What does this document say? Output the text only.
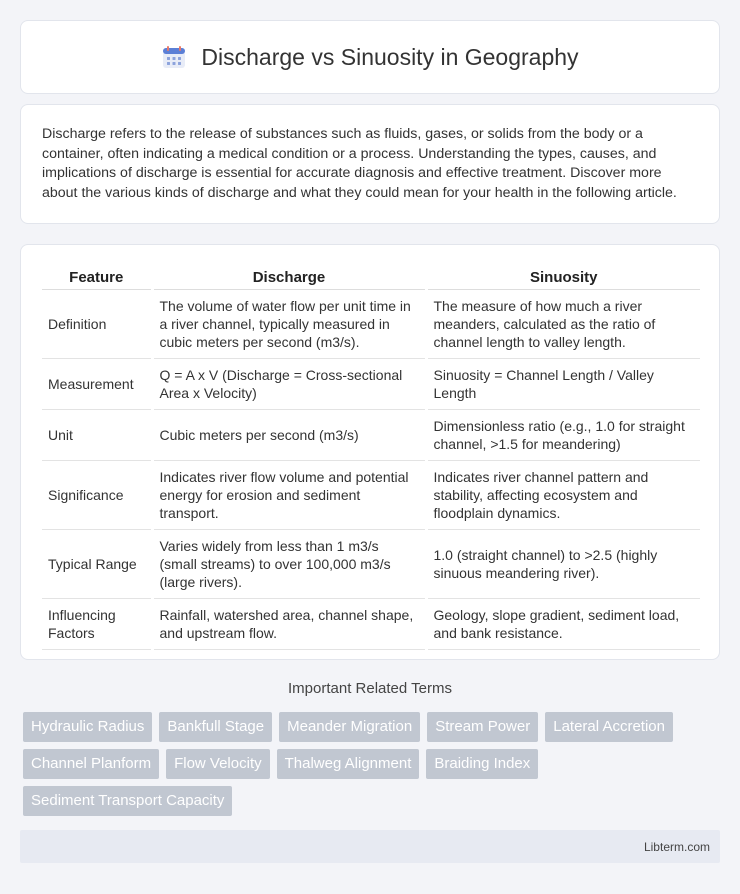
Discharge vs Sinuosity in Geography

Discharge refers to the release of substances such as fluids, gases, or solids from the body or a container, often indicating a medical condition or a process. Understanding the types, causes, and implications of discharge is essential for accurate diagnosis and effective treatment. Discover more about the various kinds of discharge and what they could mean for your health in the following article.

Feature	Discharge	Sinuosity
Definition	The volume of water flow per unit time in a river channel, typically measured in cubic meters per second (m3/s).	The measure of how much a river meanders, calculated as the ratio of channel length to valley length.
Measurement	Q = A x V (Discharge = Cross-sectional Area x Velocity)	Sinuosity = Channel Length / Valley Length
Unit	Cubic meters per second (m3/s)	Dimensionless ratio (e.g., 1.0 for straight channel, >1.5 for meandering)
Significance	Indicates river flow volume and potential energy for erosion and sediment transport.	Indicates river channel pattern and stability, affecting ecosystem and floodplain dynamics.
Typical Range	Varies widely from less than 1 m3/s (small streams) to over 100,000 m3/s (large rivers).	1.0 (straight channel) to >2.5 (highly sinuous meandering river).
Influencing Factors	Rainfall, watershed area, channel shape, and upstream flow.	Geology, slope gradient, sediment load, and bank resistance.
Important Related Terms
Hydraulic Radius	Bankfull Stage	Meander Migration	Stream Power	Lateral Accretion
Channel Planform	Flow Velocity	Thalweg Alignment	Braiding Index
Sediment Transport Capacity
Libterm.com
